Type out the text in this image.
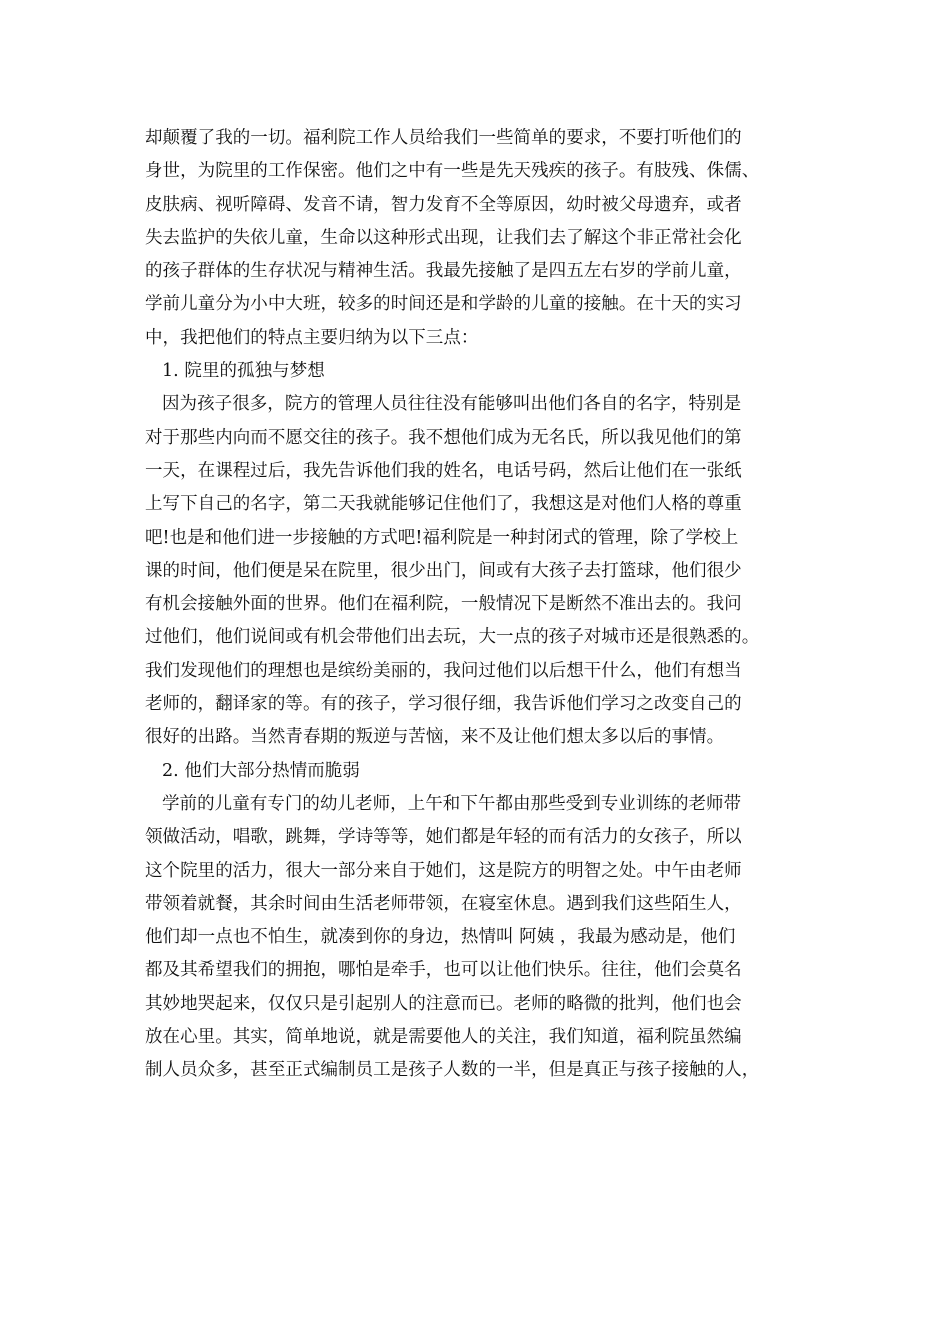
却颠覆了我的一切。福利院工作人员给我们一些简单的要求，不要打听他们的
身世，为院里的工作保密。他们之中有一些是先天残疾的孩子。有肢残、侏儒、
皮肤病、视听障碍、发音不请，智力发育不全等原因，幼时被父母遗弃，或者
失去监护的失依儿童，生命以这种形式出现，让我们去了解这个非正常社会化
的孩子群体的生存状况与精神生活。我最先接触了是四五左右岁的学前儿童，
学前儿童分为小中大班，较多的时间还是和学龄的儿童的接触。在十天的实习
中，我把他们的特点主要归纳为以下三点：
1. 院里的孤独与梦想
因为孩子很多，院方的管理人员往往没有能够叫出他们各自的名字，特别是
对于那些内向而不愿交往的孩子。我不想他们成为无名氏，所以我见他们的第
一天，在课程过后，我先告诉他们我的姓名，电话号码，然后让他们在一张纸
上写下自己的名字，第二天我就能够记住他们了，我想这是对他们人格的尊重
吧!也是和他们进一步接触的方式吧!福利院是一种封闭式的管理，除了学校上
课的时间，他们便是呆在院里，很少出门，间或有大孩子去打篮球，他们很少
有机会接触外面的世界。他们在福利院，一般情况下是断然不准出去的。我问
过他们，他们说间或有机会带他们出去玩，大一点的孩子对城市还是很熟悉的。
我们发现他们的理想也是缤纷美丽的，我问过他们以后想干什么，他们有想当
老师的，翻译家的等。有的孩子，学习很仔细，我告诉他们学习之改变自己的
很好的出路。当然青春期的叛逆与苦恼，来不及让他们想太多以后的事情。
2. 他们大部分热情而脆弱
学前的儿童有专门的幼儿老师，上午和下午都由那些受到专业训练的老师带
领做活动，唱歌，跳舞，学诗等等，她们都是年轻的而有活力的女孩子，所以
这个院里的活力，很大一部分来自于她们，这是院方的明智之处。中午由老师
带领着就餐，其余时间由生活老师带领，在寝室休息。遇到我们这些陌生人，
他们却一点也不怕生，就凑到你的身边，热情叫 阿姨 ，我最为感动是，他们
都及其希望我们的拥抱，哪怕是牵手，也可以让他们快乐。往往，他们会莫名
其妙地哭起来，仅仅只是引起别人的注意而已。老师的略微的批判，他们也会
放在心里。其实，简单地说，就是需要他人的关注，我们知道，福利院虽然编
制人员众多，甚至正式编制员工是孩子人数的一半，但是真正与孩子接触的人，
